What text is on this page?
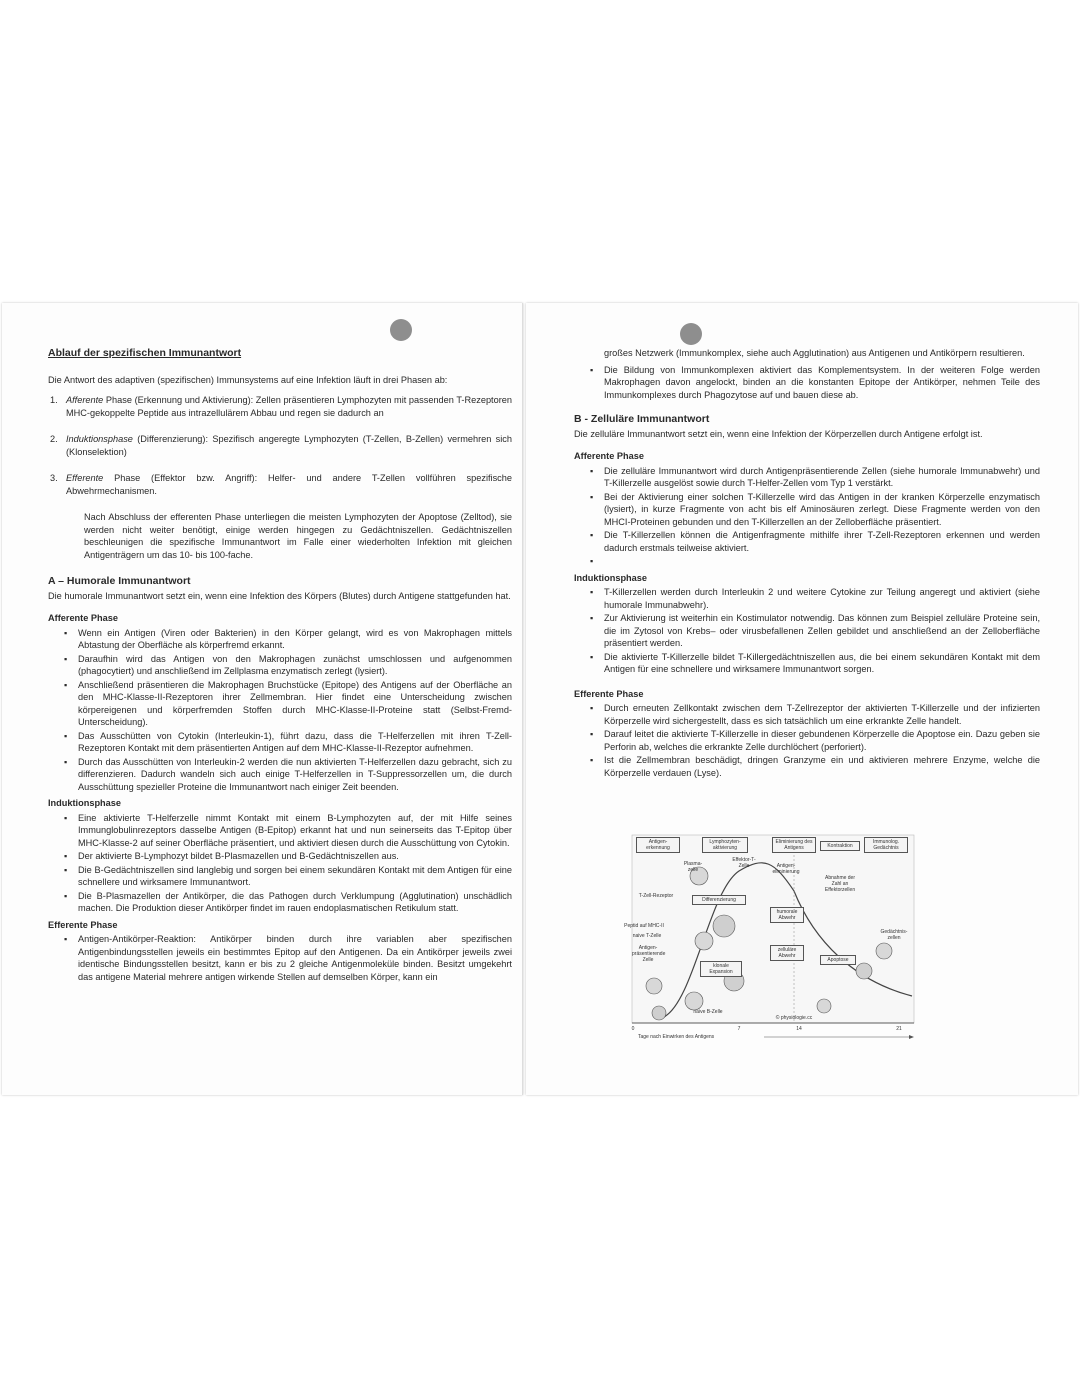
Ablauf der spezifischen Immunantwort

Die Antwort des adaptiven (spezifischen) Immunsystems auf eine Infektion läuft in drei Phasen ab:

1. Afferente Phase (Erkennung und Aktivierung): Zellen präsentieren Lymphozyten mit passenden T-Rezeptoren MHC-gekoppelte Peptide aus intrazellulärem Abbau und regen sie dadurch an
2. Induktionsphase (Differenzierung): Spezifisch angeregte Lymphozyten (T-Zellen, B-Zellen) vermehren sich (Klonselektion)
3. Efferente Phase (Effektor bzw. Angriff): Helfer- und andere T-Zellen vollführen spezifische Abwehrmechanismen.
Nach Abschluss der efferenten Phase unterliegen die meisten Lymphozyten der Apoptose (Zelltod), sie werden nicht weiter benötigt, einige werden hingegen zu Gedächtniszellen. Gedächtniszellen beschleunigen die spezifische Immunantwort im Falle einer wiederholten Infektion mit gleichen Antigenträgern um das 10- bis 100-fache.
A – Humorale Immunantwort

Die humorale Immunantwort setzt ein, wenn eine Infektion des Körpers (Blutes) durch Antigene stattgefunden hat.

Afferente Phase
▪ Wenn ein Antigen (Viren oder Bakterien) in den Körper gelangt, wird es von Makrophagen mittels Abtastung der Oberfläche als körperfremd erkannt.
▪ Daraufhin wird das Antigen von den Makrophagen zunächst umschlossen und aufgenommen (phagocytiert) und anschließend im Zellplasma enzymatisch zerlegt (lysiert).
▪ Anschließend präsentieren die Makrophagen Bruchstücke (Epitope) des Antigens auf der Oberfläche an den MHC-Klasse-II-Rezeptoren ihrer Zellmembran. Hier findet eine Unterscheidung zwischen körpereigenen und körperfremden Stoffen durch MHC-Klasse-II-Proteine statt (Selbst-Fremd-Unterscheidung).
▪ Das Ausschütten von Cytokin (Interleukin-1), führt dazu, dass die T-Helferzellen mit ihren T-Zell-Rezeptoren Kontakt mit dem präsentierten Antigen auf dem MHC-Klasse-II-Rezeptor aufnehmen.
▪ Durch das Ausschütten von Interleukin-2 werden die nun aktivierten T-Helferzellen dazu gebracht, sich zu differenzieren. Dadurch wandeln sich auch einige T-Helferzellen in T-Suppressorzellen um, die durch Ausschüttung spezieller Proteine die Immunantwort nach einiger Zeit beenden.
Induktionsphase
▪ Eine aktivierte T-Helferzelle nimmt Kontakt mit einem B-Lymphozyten auf, der mit Hilfe seines Immunglobulinrezeptors dasselbe Antigen (B-Epitop) erkannt hat und nun seinerseits das T-Epitop über MHC-Klasse-2 auf seiner Oberfläche präsentiert, und aktiviert diesen durch die Ausschüttung von Cytokin.
▪ Der aktivierte B-Lymphozyt bildet B-Plasmazellen und B-Gedächtniszellen aus.
▪ Die B-Gedächtniszellen sind langlebig und sorgen bei einem sekundären Kontakt mit dem Antigen für eine schnellere und wirksamere Immunantwort.
▪ Die B-Plasmazellen der Antikörper, die das Pathogen durch Verklumpung (Agglutination) unschädlich machen. Die Produktion dieser Antikörper findet im rauen endoplasmatischen Retikulum statt.
Efferente Phase
▪ Antigen-Antikörper-Reaktion: Antikörper binden durch ihre variablen aber spezifischen Antigenbindungsstellen jeweils ein bestimmtes Epitop auf den Antigenen. Da ein Antikörper jeweils zwei identische Bindungsstellen besitzt, kann er bis zu 2 gleiche Antigenmoleküle binden. Besitzt umgekehrt das antigene Material mehrere antigen wirkende Stellen auf demselben Körper, kann ein
großes Netzwerk (Immunkomplex, siehe auch Agglutination) aus Antigenen und Antikörpern resultieren.
▪ Die Bildung von Immunkomplexen aktiviert das Komplementsystem. In der weiteren Folge werden Makrophagen davon angelockt, binden an die konstanten Epitope der Antikörper, nehmen Teile des Immunkomplexes durch Phagozytose auf und bauen diese ab.
B - Zelluläre Immunantwort

Die zelluläre Immunantwort setzt ein, wenn eine Infektion der Körperzellen durch Antigene erfolgt ist.

Afferente Phase
▪ Die zelluläre Immunantwort wird durch Antigenpräsentierende Zellen (siehe humorale Immunabwehr) und T-Killerzelle ausgelöst sowie durch T-Helfer-Zellen vom Typ 1 verstärkt.
▪ Bei der Aktivierung einer solchen T-Killerzelle wird das Antigen in der kranken Körperzelle enzymatisch (lysiert), in kurze Fragmente von acht bis elf Aminosäuren zerlegt. Diese Fragmente werden von den MHCI-Proteinen gebunden und den T-Killerzellen an der Zelloberfläche präsentiert.
▪ Die T-Killerzellen können die Antigenfragmente mithilfe ihrer T-Zell-Rezeptoren erkennen und werden dadurch erstmals teilweise aktiviert.
▪
Induktionsphase
▪ T-Killerzellen werden durch Interleukin 2 und weitere Cytokine zur Teilung angeregt und aktiviert (siehe humorale Immunabwehr).
▪ Zur Aktivierung ist weiterhin ein Kostimulator notwendig. Das können zum Beispiel zelluläre Proteine sein, die im Zytosol von Krebs– oder virusbefallenen Zellen gebildet und anschließend an der Zelloberfläche präsentiert werden.
▪ Die aktivierte T-Killerzelle bildet T-Killergedächtniszellen aus, die bei einem sekundären Kontakt mit dem Antigen für eine schnellere und wirksamere Immunantwort sorgen.
Efferente Phase
▪ Durch erneuten Zellkontakt zwischen dem T-Zellrezeptor der aktivierten T-Killerzelle und der infizierten Körperzelle wird sichergestellt, dass es sich tatsächlich um eine erkrankte Zelle handelt.
▪ Darauf leitet die aktivierte T-Killerzelle in dieser gebundenen Körperzelle die Apoptose ein. Dazu geben sie Perforin ab, welches die erkrankte Zelle durchlöchert (perforiert).
▪ Ist die Zellmembran beschädigt, dringen Granzyme ein und aktivieren mehrere Enzyme, welche die Körperzelle verdauen (Lyse).
Antigen-erkennung
Lymphozyten-aktivierung
Eliminierung des Antigens	Kontraktion
Immunolog. Gedächtnis
Plasma-zelle
Effektor-T-Zelle	Antigen-eliminierung
Abnahme der Zahl an Effektorzellen
T-Zell-Rezeptor
Differenzierung
humorale Abwehr
Peptid auf MHC-II
naive T-Zelle
Antigen-präsentierende Zelle
zelluläre Abwehr
Apoptose
Gedächtnis-zellen
klonale Expansion
naive B-Zelle
© physiologie.cc
0	7	14	21
Tage nach Einwirken des Antigens
